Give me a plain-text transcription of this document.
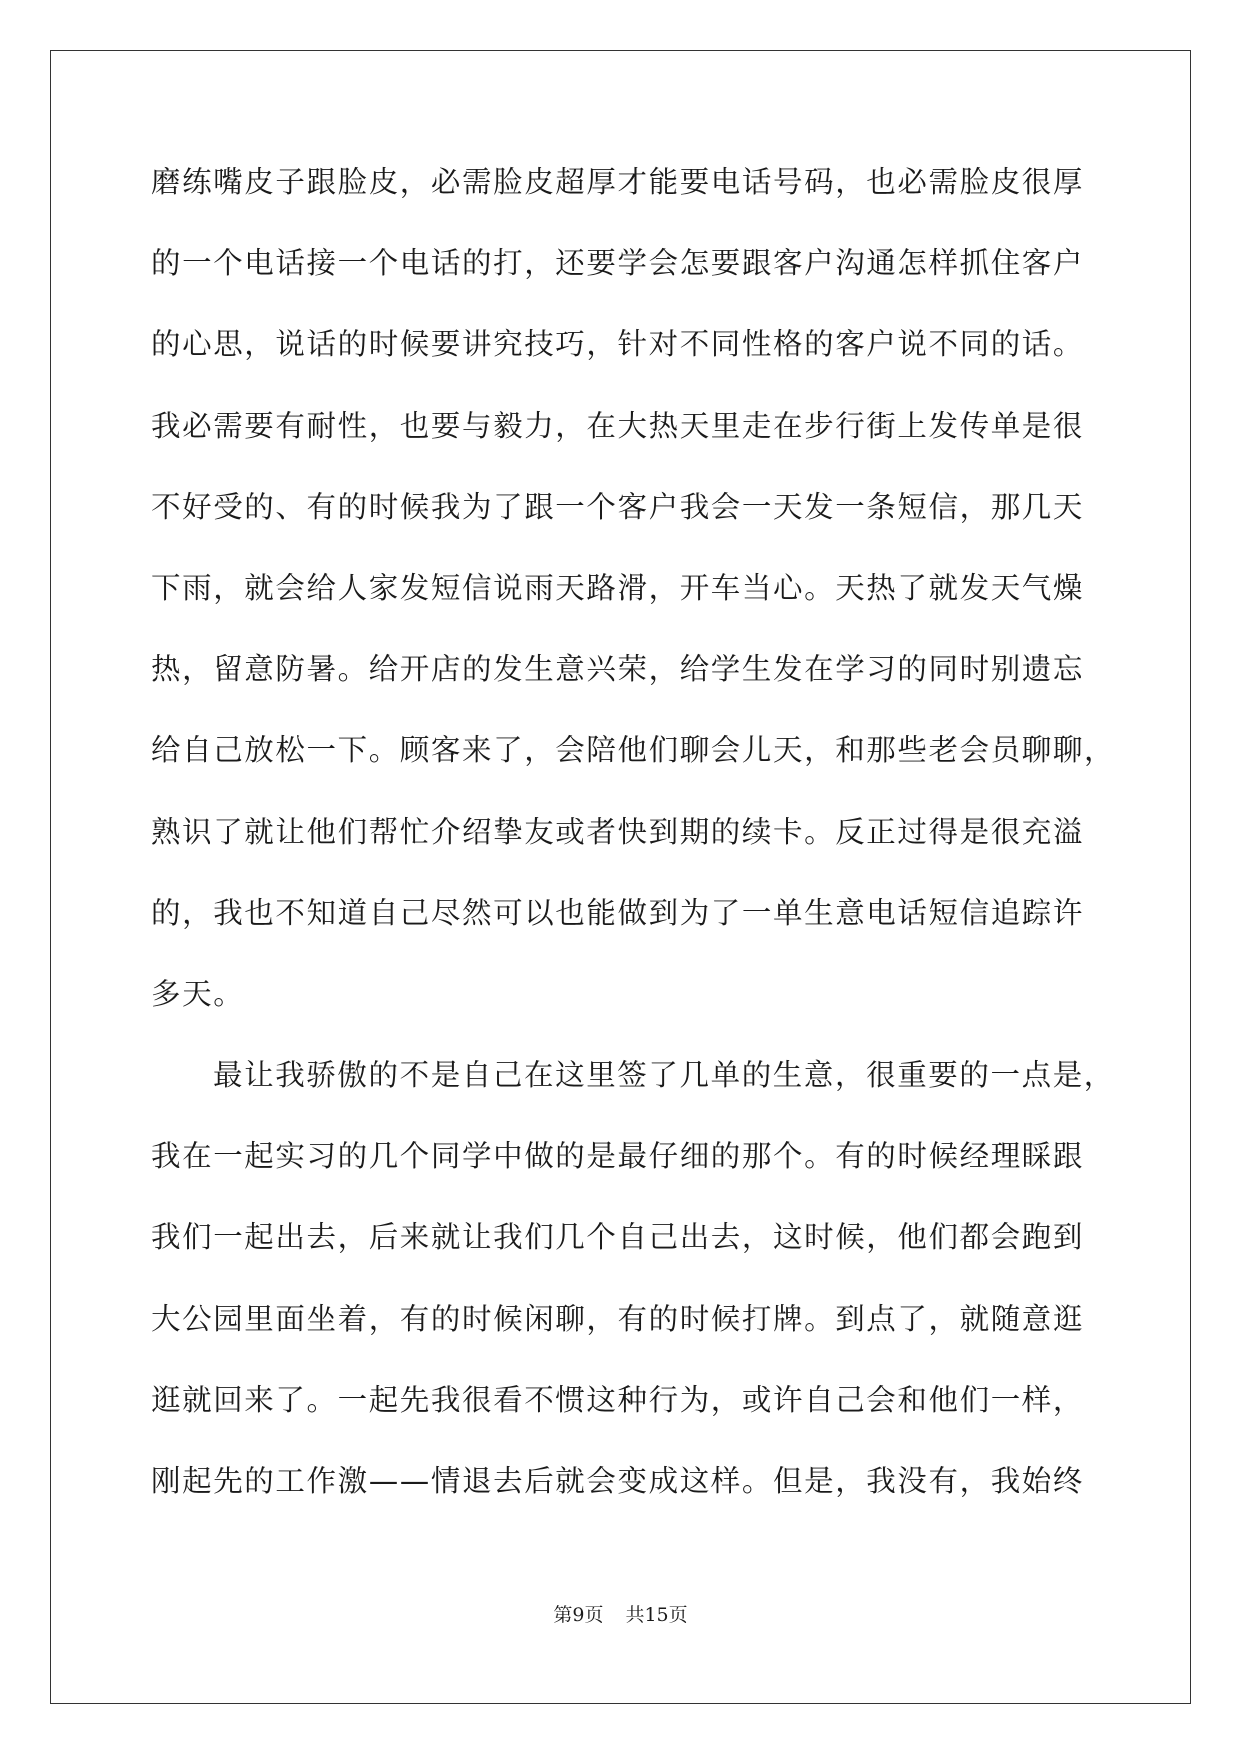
磨练嘴皮子跟脸皮，必需脸皮超厚才能要电话号码，也必需脸皮很厚
的一个电话接一个电话的打，还要学会怎要跟客户沟通怎样抓住客户
的心思，说话的时候要讲究技巧，针对不同性格的客户说不同的话。
我必需要有耐性，也要与毅力，在大热天里走在步行街上发传单是很
不好受的、有的时候我为了跟一个客户我会一天发一条短信，那几天
下雨，就会给人家发短信说雨天路滑，开车当心。天热了就发天气燥
热，留意防暑。给开店的发生意兴荣，给学生发在学习的同时别遗忘
给自己放松一下。顾客来了，会陪他们聊会儿天，和那些老会员聊聊，
熟识了就让他们帮忙介绍挚友或者快到期的续卡。反正过得是很充溢
的，我也不知道自己尽然可以也能做到为了一单生意电话短信追踪许
多天。
最让我骄傲的不是自己在这里签了几单的生意，很重要的一点是，
我在一起实习的几个同学中做的是最仔细的那个。有的时候经理睬跟
我们一起出去，后来就让我们几个自己出去，这时候，他们都会跑到
大公园里面坐着，有的时候闲聊，有的时候打牌。到点了，就随意逛
逛就回来了。一起先我很看不惯这种行为，或许自己会和他们一样，
刚起先的工作激——情退去后就会变成这样。但是，我没有，我始终
第9页 共15页
